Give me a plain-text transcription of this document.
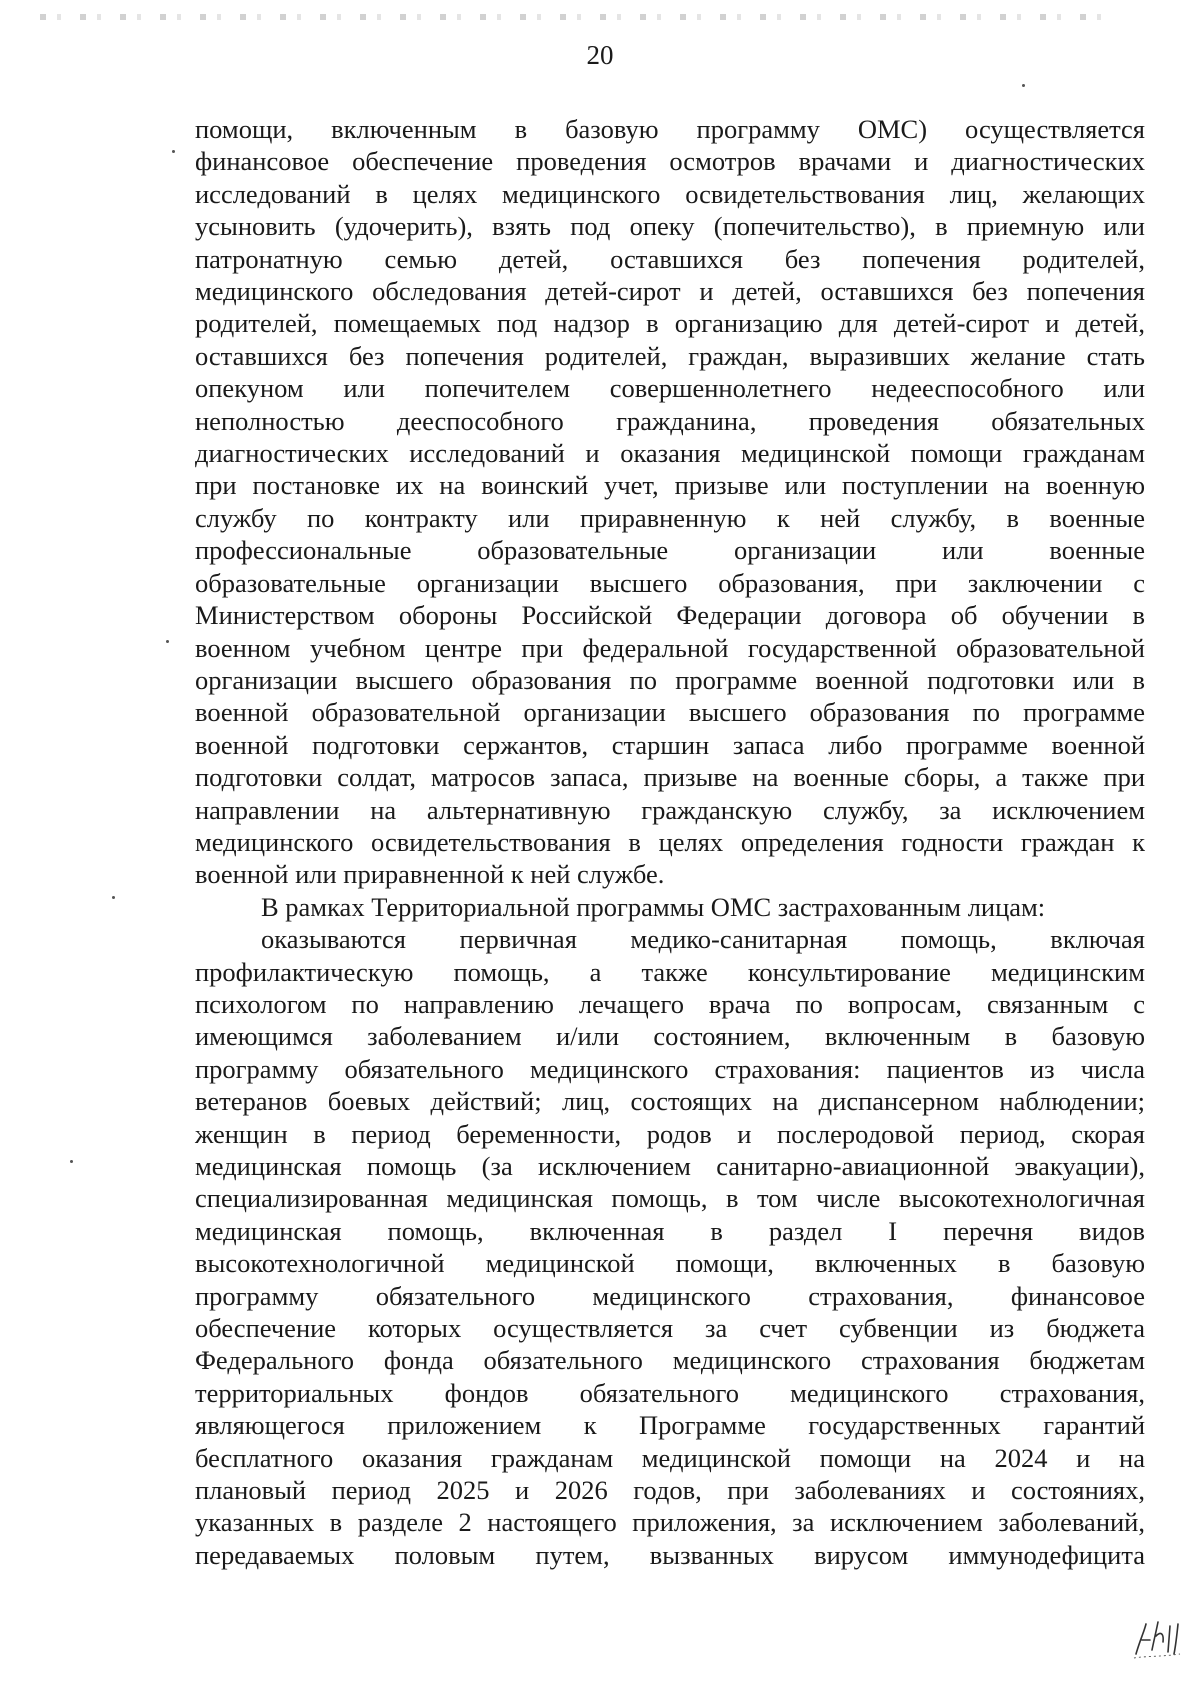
20

помощи, включенным в базовую программу ОМС) осуществляется
финансовое обеспечение проведения осмотров врачами и диагностических
исследований в целях медицинского освидетельствования лиц, желающих
усыновить (удочерить), взять под опеку (попечительство), в приемную или
патронатную семью детей, оставшихся без попечения родителей,
медицинского обследования детей-сирот и детей, оставшихся без попечения
родителей, помещаемых под надзор в организацию для детей-сирот и детей,
оставшихся без попечения родителей, граждан, выразивших желание стать
опекуном или попечителем совершеннолетнего недееспособного или
неполностью дееспособного гражданина, проведения обязательных
диагностических исследований и оказания медицинской помощи гражданам
при постановке их на воинский учет, призыве или поступлении на военную
службу по контракту или приравненную к ней службу, в военные
профессиональные образовательные организации или военные
образовательные организации высшего образования, при заключении с
Министерством обороны Российской Федерации договора об обучении в
военном учебном центре при федеральной государственной образовательной
организации высшего образования по программе военной подготовки или в
военной образовательной организации высшего образования по программе
военной подготовки сержантов, старшин запаса либо программе военной
подготовки солдат, матросов запаса, призыве на военные сборы, а также при
направлении на альтернативную гражданскую службу, за исключением
медицинского освидетельствования в целях определения годности граждан к
военной или приравненной к ней службе.

В рамках Территориальной программы ОМС застрахованным лицам:

оказываются первичная медико-санитарная помощь, включая
профилактическую помощь, а также консультирование медицинским
психологом по направлению лечащего врача по вопросам, связанным с
имеющимся заболеванием и/или состоянием, включенным в базовую
программу обязательного медицинского страхования: пациентов из числа
ветеранов боевых действий; лиц, состоящих на диспансерном наблюдении;
женщин в период беременности, родов и послеродовой период, скорая
медицинская помощь (за исключением санитарно-авиационной эвакуации),
специализированная медицинская помощь, в том числе высокотехнологичная
медицинская помощь, включенная в раздел I перечня видов
высокотехнологичной медицинской помощи, включенных в базовую
программу обязательного медицинского страхования, финансовое
обеспечение которых осуществляется за счет субвенции из бюджета
Федерального фонда обязательного медицинского страхования бюджетам
территориальных фондов обязательного медицинского страхования,
являющегося приложением к Программе государственных гарантий
бесплатного оказания гражданам медицинской помощи на 2024 и на
плановый период 2025 и 2026 годов, при заболеваниях и состояниях,
указанных в разделе 2 настоящего приложения, за исключением заболеваний,
передаваемых половым путем, вызванных вирусом иммунодефицита
